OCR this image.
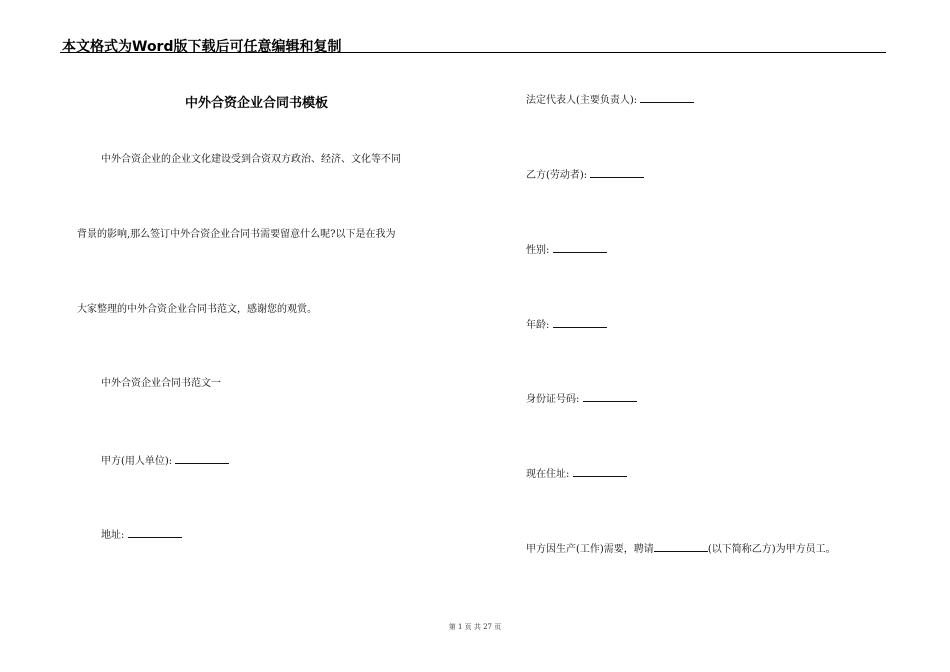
本文格式为Word版下载后可任意编辑和复制
中外合资企业合同书模板
中外合资企业的企业文化建设受到合资双方政治、经济、文化等不同
背景的影响,那么签订中外合资企业合同书需要留意什么呢?以下是在我为
大家整理的中外合资企业合同书范文，感谢您的观赏。
中外合资企业合同书范文一
甲方(用人单位):
地址:
法定代表人(主要负责人):
乙方(劳动者):
性别:
年龄:
身份证号码:
现在住址:
甲方因生产(工作)需要，聘请	(以下简称乙方)为甲方员工。
第 1 页 共 27 页
